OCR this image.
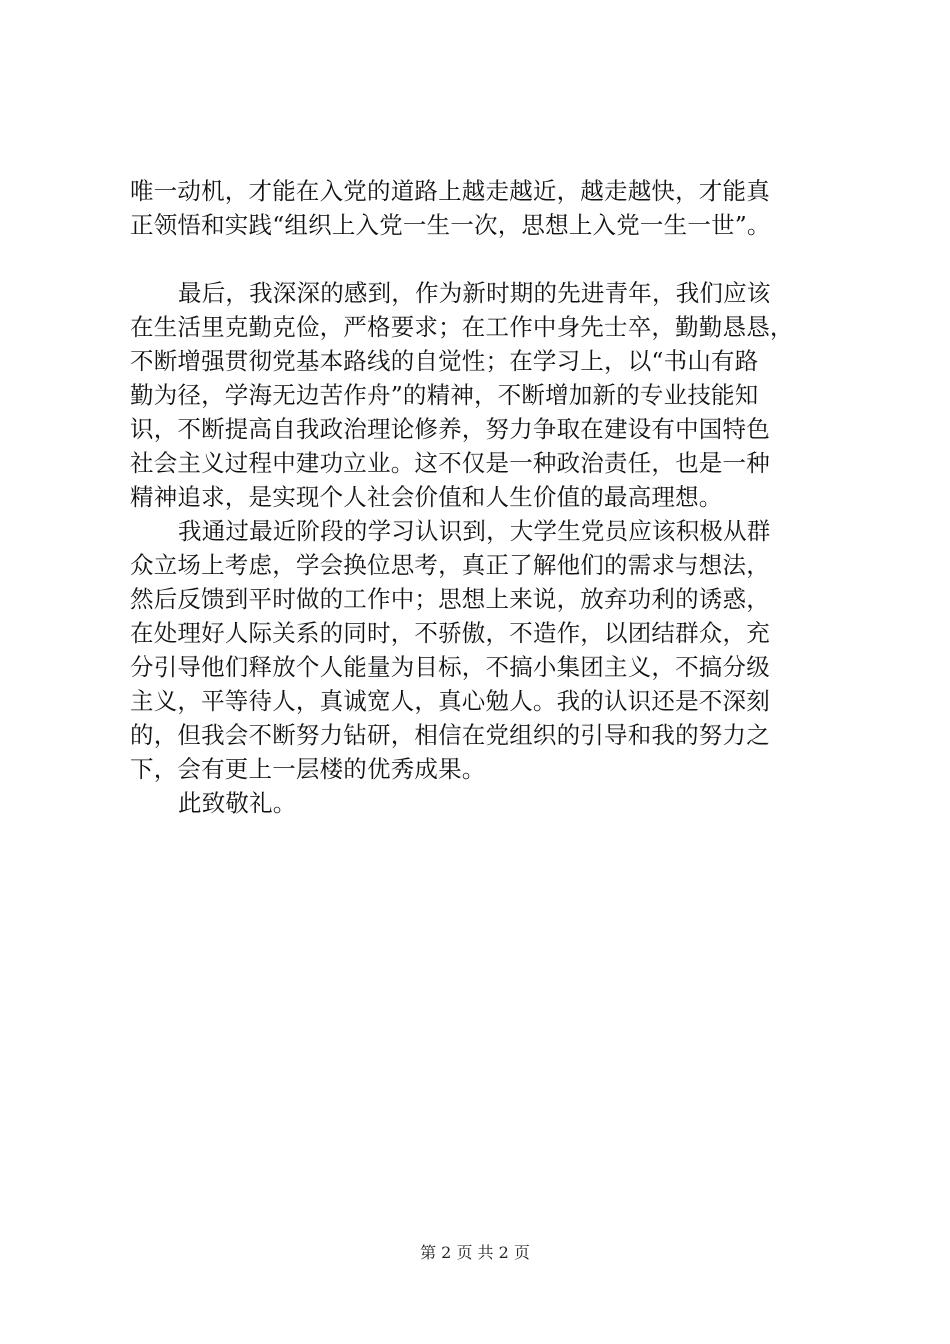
唯一动机，才能在入党的道路上越走越近，越走越快，才能真
正领悟和实践“组织上入党一生一次，思想上入党一生一世”。
最后，我深深的感到，作为新时期的先进青年，我们应该
在生活里克勤克俭，严格要求；在工作中身先士卒，勤勤恳恳，
不断增强贯彻党基本路线的自觉性；在学习上，以“书山有路
勤为径，学海无边苦作舟”的精神，不断增加新的专业技能知
识，不断提高自我政治理论修养，努力争取在建设有中国特色
社会主义过程中建功立业。这不仅是一种政治责任，也是一种
精神追求，是实现个人社会价值和人生价值的最高理想。
我通过最近阶段的学习认识到，大学生党员应该积极从群
众立场上考虑，学会换位思考，真正了解他们的需求与想法，
然后反馈到平时做的工作中；思想上来说，放弃功利的诱惑，
在处理好人际关系的同时，不骄傲，不造作，以团结群众，充
分引导他们释放个人能量为目标，不搞小集团主义，不搞分级
主义，平等待人，真诚宽人，真心勉人。我的认识还是不深刻
的，但我会不断努力钻研，相信在党组织的引导和我的努力之
下，会有更上一层楼的优秀成果。
此致敬礼。
第 2 页 共 2 页
